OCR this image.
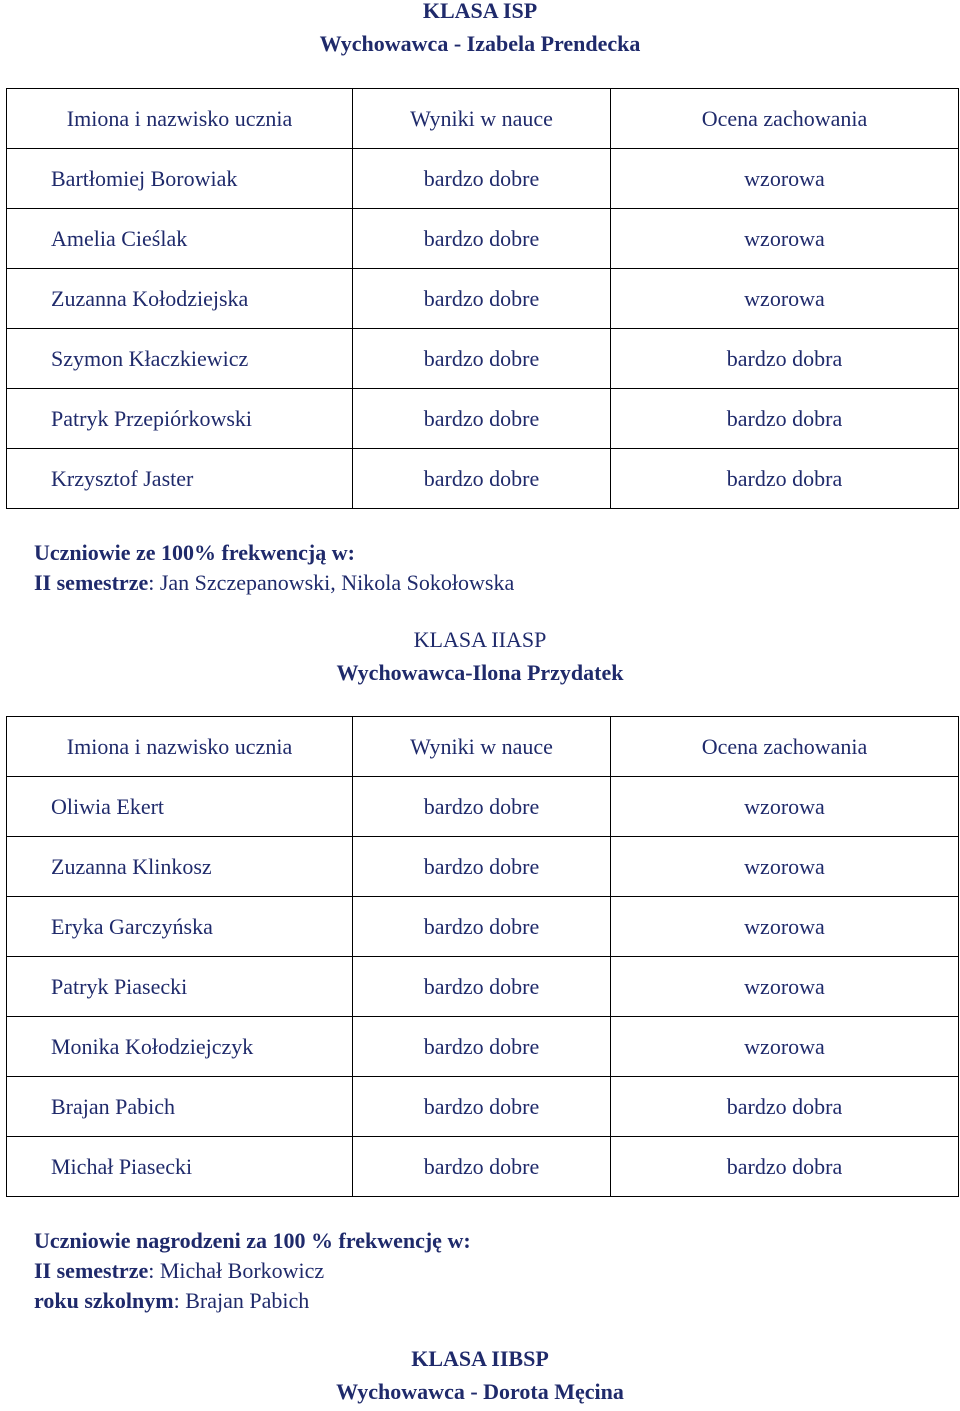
KLASA ISP
Wychowawca - Izabela Prendecka
Imiona i nazwisko ucznia	Wyniki w nauce	Ocena zachowania
Bartłomiej Borowiak	bardzo dobre	wzorowa
Amelia Cieślak	bardzo dobre	wzorowa
Zuzanna Kołodziejska	bardzo dobre	wzorowa
Szymon Kłaczkiewicz	bardzo dobre	bardzo dobra
Patryk Przepiórkowski	bardzo dobre	bardzo dobra
Krzysztof Jaster	bardzo dobre	bardzo dobra
Uczniowie ze 100% frekwencją w:
II semestrze: Jan Szczepanowski, Nikola Sokołowska
KLASA IIASP
Wychowawca-Ilona Przydatek
Imiona i nazwisko ucznia	Wyniki w nauce	Ocena zachowania
Oliwia Ekert	bardzo dobre	wzorowa
Zuzanna Klinkosz	bardzo dobre	wzorowa
Eryka Garczyńska	bardzo dobre	wzorowa
Patryk Piasecki	bardzo dobre	wzorowa
Monika Kołodziejczyk	bardzo dobre	wzorowa
Brajan Pabich	bardzo dobre	bardzo dobra
Michał Piasecki	bardzo dobre	bardzo dobra
Uczniowie nagrodzeni za 100 % frekwencję w:
II semestrze: Michał Borkowicz
roku szkolnym: Brajan Pabich
KLASA IIBSP
Wychowawca - Dorota Męcina
